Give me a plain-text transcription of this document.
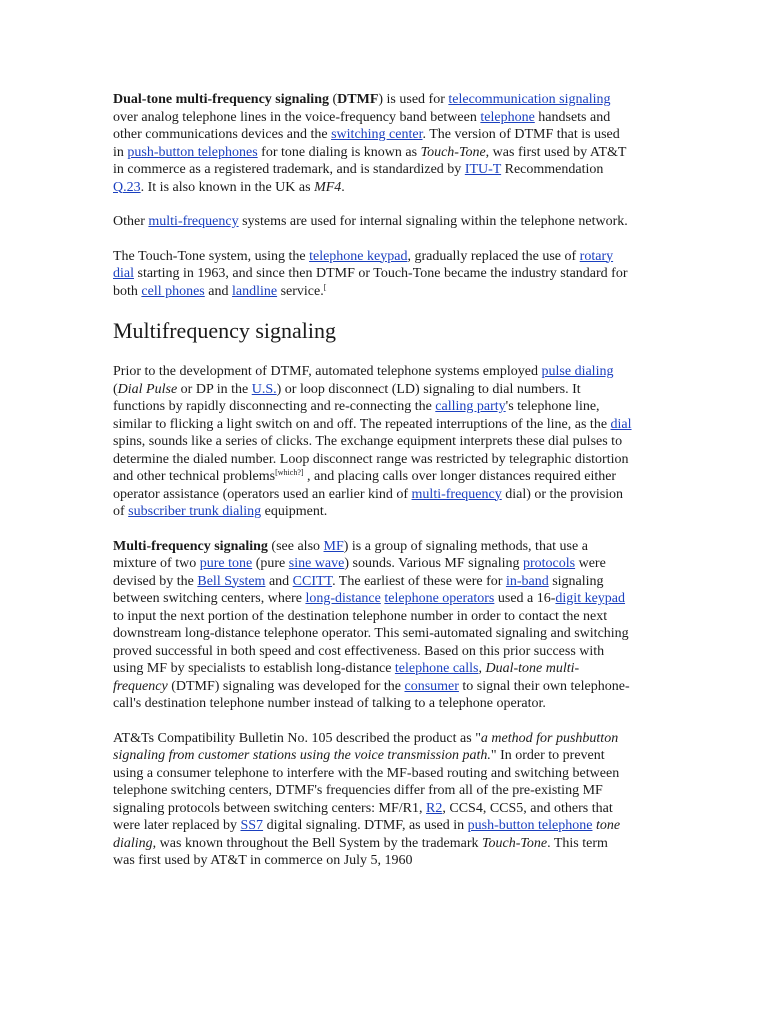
Dual-tone multi-frequency signaling (DTMF) is used for telecommunication signaling over analog telephone lines in the voice-frequency band between telephone handsets and other communications devices and the switching center. The version of DTMF that is used in push-button telephones for tone dialing is known as Touch-Tone, was first used by AT&T in commerce as a registered trademark, and is standardized by ITU-T Recommendation Q.23. It is also known in the UK as MF4.

Other multi-frequency systems are used for internal signaling within the telephone network.

The Touch-Tone system, using the telephone keypad, gradually replaced the use of rotary dial starting in 1963, and since then DTMF or Touch-Tone became the industry standard for both cell phones and landline service.[

Multifrequency signaling

Prior to the development of DTMF, automated telephone systems employed pulse dialing (Dial Pulse or DP in the U.S.) or loop disconnect (LD) signaling to dial numbers. It functions by rapidly disconnecting and re-connecting the calling party's telephone line, similar to flicking a light switch on and off. The repeated interruptions of the line, as the dial spins, sounds like a series of clicks. The exchange equipment interprets these dial pulses to determine the dialed number. Loop disconnect range was restricted by telegraphic distortion and other technical problems[which?] , and placing calls over longer distances required either operator assistance (operators used an earlier kind of multi-frequency dial) or the provision of subscriber trunk dialing equipment.

Multi-frequency signaling (see also MF) is a group of signaling methods, that use a mixture of two pure tone (pure sine wave) sounds. Various MF signaling protocols were devised by the Bell System and CCITT. The earliest of these were for in-band signaling between switching centers, where long-distance telephone operators used a 16-digit keypad to input the next portion of the destination telephone number in order to contact the next downstream long-distance telephone operator. This semi-automated signaling and switching proved successful in both speed and cost effectiveness. Based on this prior success with using MF by specialists to establish long-distance telephone calls, Dual-tone multi-frequency (DTMF) signaling was developed for the consumer to signal their own telephone-call's destination telephone number instead of talking to a telephone operator.

AT&Ts Compatibility Bulletin No. 105 described the product as "a method for pushbutton signaling from customer stations using the voice transmission path." In order to prevent using a consumer telephone to interfere with the MF-based routing and switching between telephone switching centers, DTMF's frequencies differ from all of the pre-existing MF signaling protocols between switching centers: MF/R1, R2, CCS4, CCS5, and others that were later replaced by SS7 digital signaling. DTMF, as used in push-button telephone tone dialing, was known throughout the Bell System by the trademark Touch-Tone. This term was first used by AT&T in commerce on July 5, 1960
